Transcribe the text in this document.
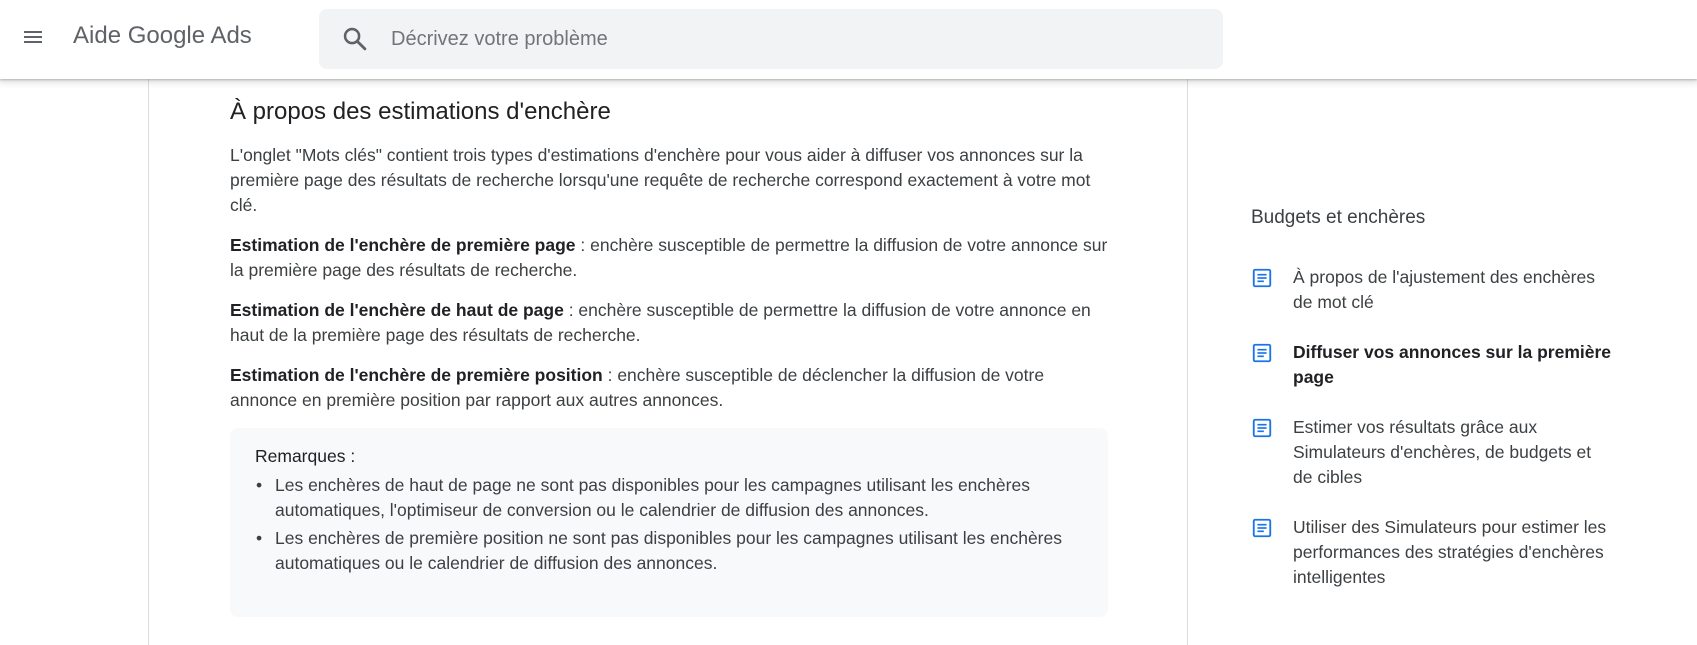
Aide Google Ads
Décrivez votre problème
À propos des estimations d'enchère

L'onglet "Mots clés" contient trois types d'estimations d'enchère pour vous aider à diffuser vos annonces sur la première page des résultats de recherche lorsqu'une requête de recherche correspond exactement à votre mot clé.

Estimation de l'enchère de première page : enchère susceptible de permettre la diffusion de votre annonce sur la première page des résultats de recherche.

Estimation de l'enchère de haut de page : enchère susceptible de permettre la diffusion de votre annonce en haut de la première page des résultats de recherche.

Estimation de l'enchère de première position : enchère susceptible de déclencher la diffusion de votre annonce en première position par rapport aux autres annonces.

Remarques :
• Les enchères de haut de page ne sont pas disponibles pour les campagnes utilisant les enchères automatiques, l'optimiseur de conversion ou le calendrier de diffusion des annonces.
• Les enchères de première position ne sont pas disponibles pour les campagnes utilisant les enchères automatiques ou le calendrier de diffusion des annonces.
Budgets et enchères
À propos de l'ajustement des enchères de mot clé
Diffuser vos annonces sur la première page
Estimer vos résultats grâce aux Simulateurs d'enchères, de budgets et de cibles
Utiliser des Simulateurs pour estimer les performances des stratégies d'enchères intelligentes
